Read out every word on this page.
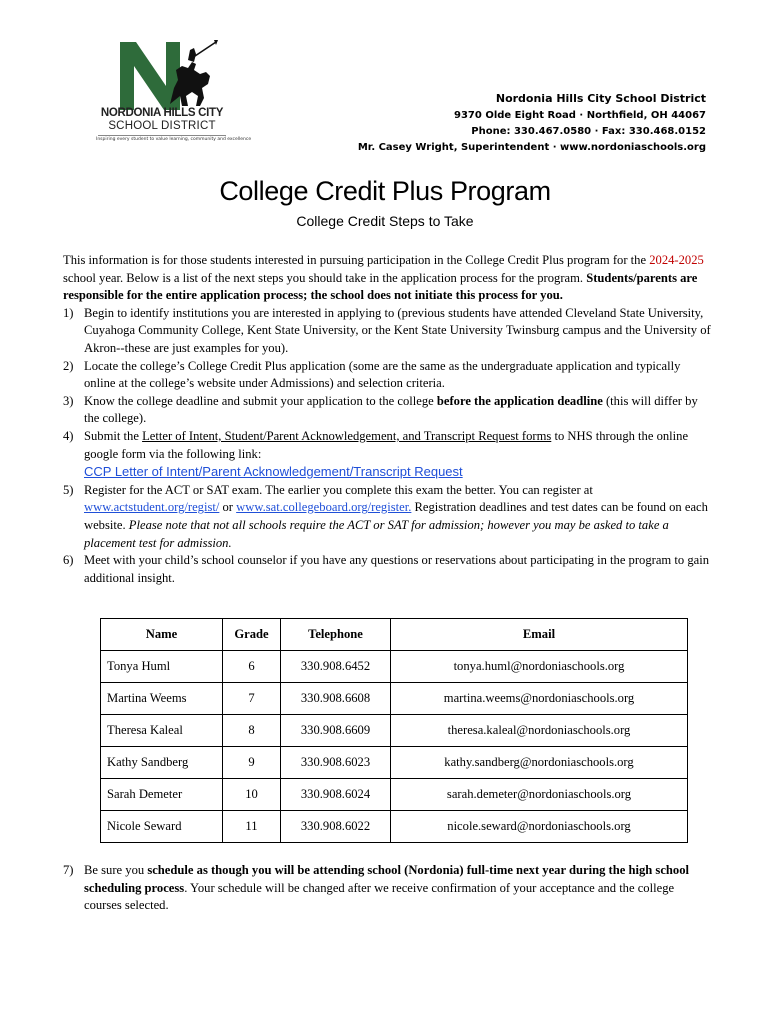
NORDONIA HILLS CITY
SCHOOL DISTRICT
Inspiring every student to value learning, community and excellence
Nordonia Hills City School District
9370 Olde Eight Road · Northfield, OH 44067
Phone: 330.467.0580 · Fax: 330.468.0152
Mr. Casey Wright, Superintendent · www.nordoniaschools.org
College Credit Plus Program
College Credit Steps to Take

This information is for those students interested in pursuing participation in the College Credit Plus program for the 2024-2025 school year. Below is a list of the next steps you should take in the application process for the program. Students/parents are responsible for the entire application process; the school does not initiate this process for you.

1) Begin to identify institutions you are interested in applying to (previous students have attended Cleveland State University, Cuyahoga Community College, Kent State University, or the Kent State University Twinsburg campus and the University of Akron--these are just examples for you).
2) Locate the college’s College Credit Plus application (some are the same as the undergraduate application and typically online at the college’s website under Admissions) and selection criteria.
3) Know the college deadline and submit your application to the college before the application deadline (this will differ by the college).
4) Submit the Letter of Intent, Student/Parent Acknowledgement, and Transcript Request forms to NHS through the online google form via the following link:
CCP Letter of Intent/Parent Acknowledgement/Transcript Request
5) Register for the ACT or SAT exam. The earlier you complete this exam the better. You can register at www.actstudent.org/regist/ or www.sat.collegeboard.org/register. Registration deadlines and test dates can be found on each website. Please note that not all schools require the ACT or SAT for admission; however you may be asked to take a placement test for admission.
6) Meet with your child’s school counselor if you have any questions or reservations about participating in the program to gain additional insight.
Name	Grade	Telephone	Email
Tonya Huml	6	330.908.6452	tonya.huml@nordoniaschools.org
Martina Weems	7	330.908.6608	martina.weems@nordoniaschools.org
Theresa Kaleal	8	330.908.6609	theresa.kaleal@nordoniaschools.org
Kathy Sandberg	9	330.908.6023	kathy.sandberg@nordoniaschools.org
Sarah Demeter	10	330.908.6024	sarah.demeter@nordoniaschools.org
Nicole Seward	11	330.908.6022	nicole.seward@nordoniaschools.org
7) Be sure you schedule as though you will be attending school (Nordonia) full-time next year during the high school scheduling process. Your schedule will be changed after we receive confirmation of your acceptance and the college courses selected.
